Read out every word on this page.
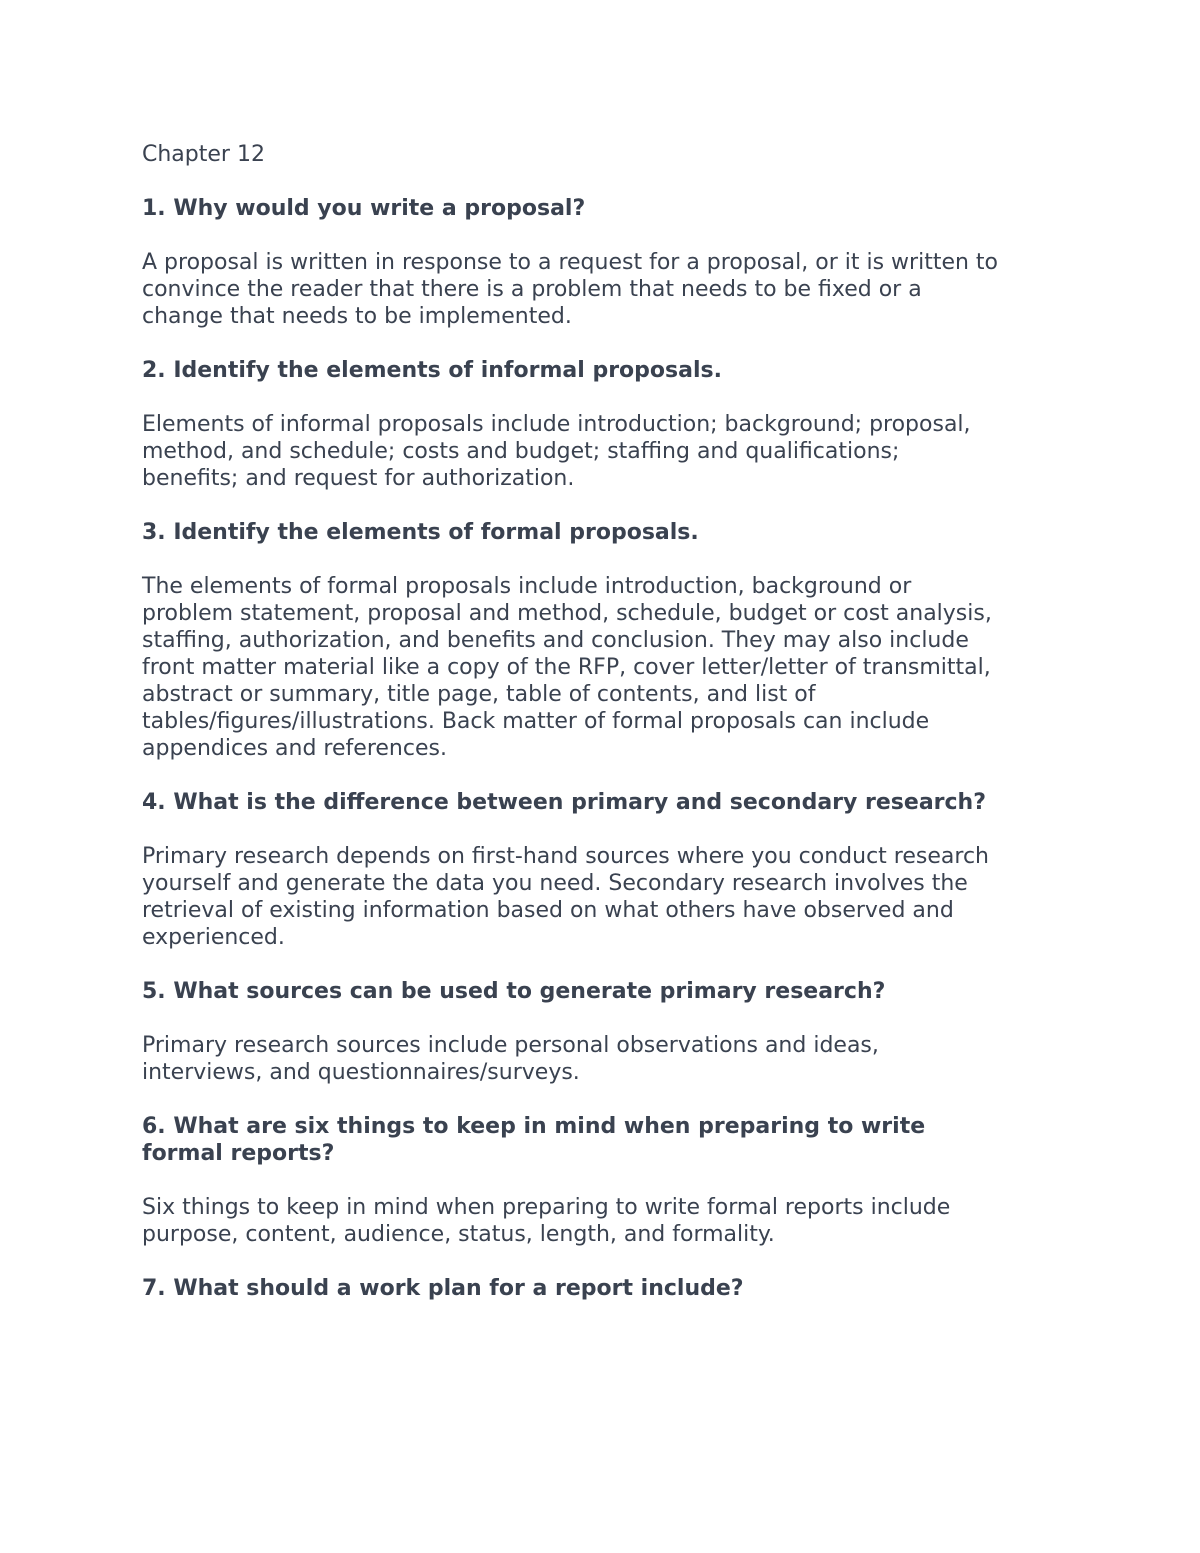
Chapter 12
1. Why would you write a proposal?
A proposal is written in response to a request for a proposal, or it is written to
convince the reader that there is a problem that needs to be fixed or a
change that needs to be implemented.
2. Identify the elements of informal proposals.
Elements of informal proposals include introduction; background; proposal,
method, and schedule; costs and budget; staffing and qualifications;
benefits; and request for authorization.
3. Identify the elements of formal proposals.
The elements of formal proposals include introduction, background or
problem statement, proposal and method, schedule, budget or cost analysis,
staffing, authorization, and benefits and conclusion. They may also include
front matter material like a copy of the RFP, cover letter/letter of transmittal,
abstract or summary, title page, table of contents, and list of
tables/figures/illustrations. Back matter of formal proposals can include
appendices and references.
4. What is the difference between primary and secondary research?
Primary research depends on first-hand sources where you conduct research
yourself and generate the data you need. Secondary research involves the
retrieval of existing information based on what others have observed and
experienced.
5. What sources can be used to generate primary research?
Primary research sources include personal observations and ideas,
interviews, and questionnaires/surveys.
6. What are six things to keep in mind when preparing to write
formal reports?
Six things to keep in mind when preparing to write formal reports include
purpose, content, audience, status, length, and formality.
7. What should a work plan for a report include?
